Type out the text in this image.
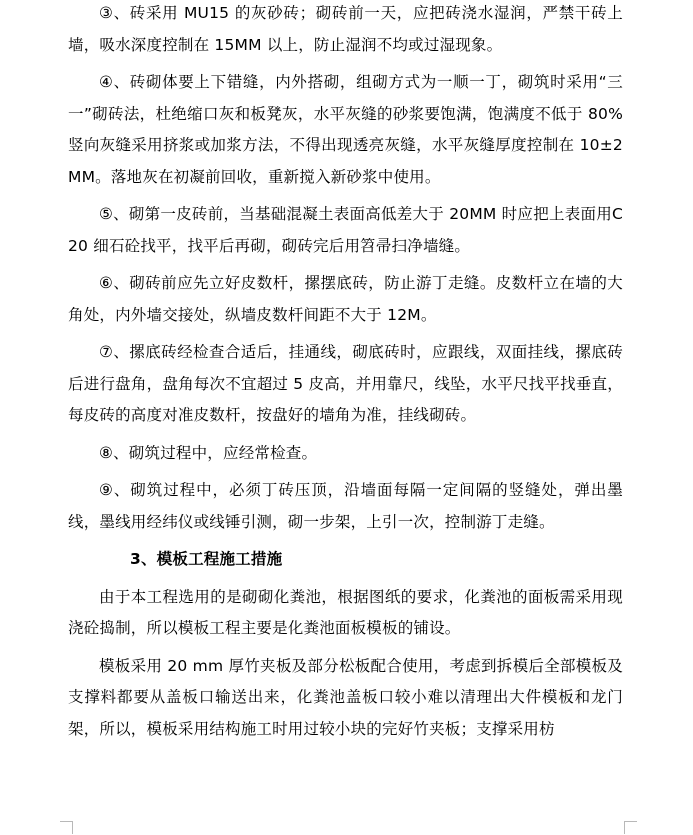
③、砖采用 MU15 的灰砂砖；砌砖前一天，应把砖浇水湿润，严禁干砖上墙，吸水深度控制在 15MM 以上，防止湿润不均或过湿现象。

④、砖砌体要上下错缝，内外搭砌，组砌方式为一顺一丁，砌筑时采用“三一”砌砖法，杜绝缩口灰和板凳灰，水平灰缝的砂浆要饱满，饱满度不低于 80%竖向灰缝采用挤浆或加浆方法，不得出现透亮灰缝，水平灰缝厚度控制在 10±2MM。落地灰在初凝前回收，重新搅入新砂浆中使用。

⑤、砌第一皮砖前，当基础混凝土表面高低差大于 20MM 时应把上表面用C20 细石砼找平，找平后再砌，砌砖完后用笤帚扫净墙缝。

⑥、砌砖前应先立好皮数杆，摞摆底砖，防止游丁走缝。皮数杆立在墙的大角处，内外墙交接处，纵墙皮数杆间距不大于 12M。

⑦、摞底砖经检查合适后，挂通线，砌底砖时，应跟线，双面挂线，摞底砖后进行盘角，盘角每次不宜超过 5 皮高，并用靠尺，线坠，水平尺找平找垂直，每皮砖的高度对准皮数杆，按盘好的墙角为准，挂线砌砖。

⑧、砌筑过程中，应经常检查。

⑨、砌筑过程中，必须丁砖压顶，沿墙面每隔一定间隔的竖缝处，弹出墨线，墨线用经纬仪或线锤引测，砌一步架，上引一次，控制游丁走缝。

3、模板工程施工措施

由于本工程选用的是砌砌化粪池，根据图纸的要求，化粪池的面板需采用现浇砼捣制，所以模板工程主要是化粪池面板模板的铺设。

模板采用 20 mm 厚竹夹板及部分松板配合使用，考虑到拆模后全部模板及支撑料都要从盖板口输送出来，化粪池盖板口较小难以清理出大件模板和龙门架，所以，模板采用结构施工时用过较小块的完好竹夹板；支撑采用枋
